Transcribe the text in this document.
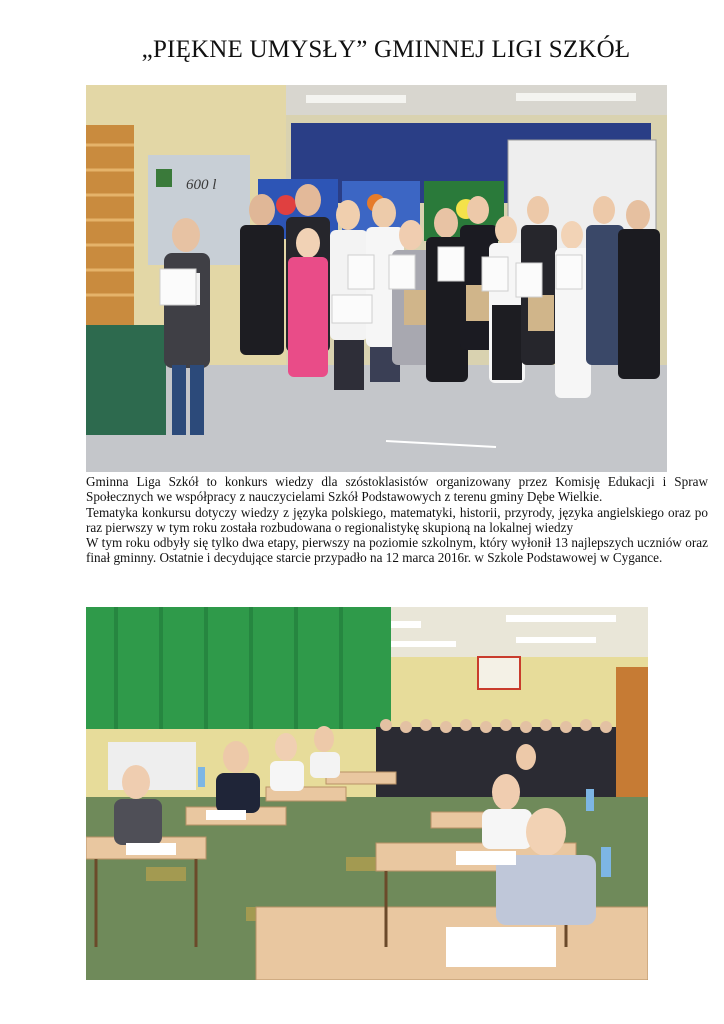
„PIĘKNE UMYSŁY” GMINNEJ LIGI SZKÓŁ
600 l

Gminna Liga Szkół to konkurs wiedzy dla szóstoklasistów organizowany przez Komisję Edukacji i Spraw Społecznych we współpracy z nauczycielami Szkół Podstawowych z terenu gminy Dębe Wielkie.

Tematyka konkursu dotyczy wiedzy z języka polskiego, matematyki, historii, przyrody, języka angielskiego oraz po raz pierwszy w tym roku została rozbudowana o regionalistykę skupioną na lokalnej wiedzy

W tym roku odbyły się tylko dwa etapy, pierwszy na poziomie szkolnym, który wyłonił 13 najlepszych uczniów oraz finał gminny. Ostatnie i decydujące starcie przypadło na 12 marca 2016r. w Szkole Podstawowej w Cygance.
